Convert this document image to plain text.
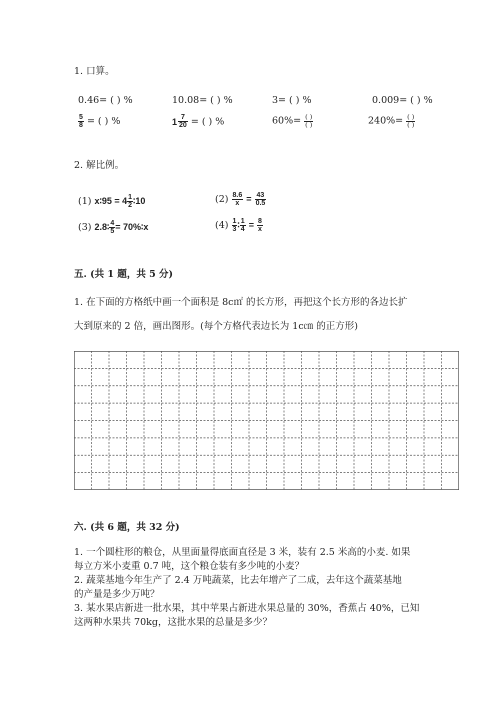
1. 口算。
0.46= ( ) %	10.08= ( ) %	3= ( ) %	0.009= ( ) %
$\frac{5}{8}$ = ( ) %	$1 \frac{7}{20}$ = ( ) %	$60\%= \frac{( )}{( )}$	$240\%= \frac{( )}{( )}$
2. 解比例。
(1) x∶95 = $4 \frac{1}{2}$ ∶10	$(2) \frac{8.6}{x} = \frac{43}{0.5}$
(3) 2.8∶ $\frac{4}{5}$ = 70%∶x	$(4) \frac{1}{3}$ ∶ $\frac{1}{4} = \frac{8}{x}$
五. (共 1 题，共 5 分)
1. 在下面的方格纸中画一个面积是 8c㎡ 的长方形，再把这个长方形的各边长扩
大到原来的 2 倍，画出图形。(每个方格代表边长为 1c㎝ 的正方形)
六. (共 6 题，共 32 分)
1. 一个圆柱形的粮仓，从里面量得底面直径是 3 米，装有 2.5 米高的小麦. 如果
每立方米小麦重 0.7 吨，这个粮仓装有多少吨的小麦？
2. 蔬菜基地今年生产了 2.4 万吨蔬菜，比去年增产了二成，去年这个蔬菜基地
的产量是多少万吨？
3. 某水果店新进一批水果，其中苹果占新进水果总量的 30%，香蕉占 40%，已知
这两种水果共 70kg，这批水果的总量是多少？
